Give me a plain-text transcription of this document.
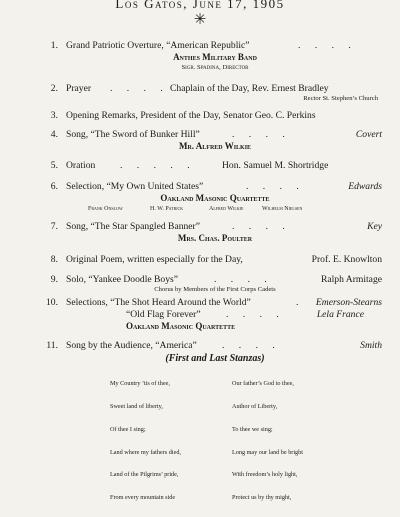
Los Gatos, June 17, 1905
✳
1. Grand Patriotic Overture, “American Republic”	. . . .
Anthes Military Band
Sigr. Spadina, Director
2. Prayer . . . . Chaplain of the Day, Rev. Ernest Bradley
Rector St. Stephen’s Church
3. Opening Remarks, President of the Day, Senator Geo. C. Perkins
4. Song, “The Sword of Bunker Hill”	. . . .	Covert
Mr. Alfred Wilkie
5. Oration	. . . . .	Hon. Samuel M. Shortridge
6. Selection, “My Own United States”	. . . .	Edwards
Oakland Masonic Quartette
Frank Onslow	H. W. Patrick	Alfred Wilkie	Wilhelm Nielsen
7. Song, “The Star Spangled Banner”	. . . .	Key
Mrs. Chas. Poulter
8. Original Poem, written especially for the Day,	Prof. E. Knowlton
9. Solo, “Yankee Doodle Boys”	. . . .	Ralph Armitage
Chorus by Members of the First Corps Cadets
10. Selections, “The Shot Heard Around the World”	. Emerson-Stearns
“Old Flag Forever”	. . . .	Lela France
Oakland Masonic Quartette
11. Song by the Audience, “America”	. . . .	Smith
(First and Last Stanzas)

My Country ’tis of thee,

Sweet land of liberty,

Of thee I sing;

Land where my fathers died,

Land of the Pilgrims’ pride,

From every mountain side

Our father’s God to thee,

Author of Liberty,

To thee we sing;

Long may our land be bright

With freedom’s holy light,

Protect us by thy might,
